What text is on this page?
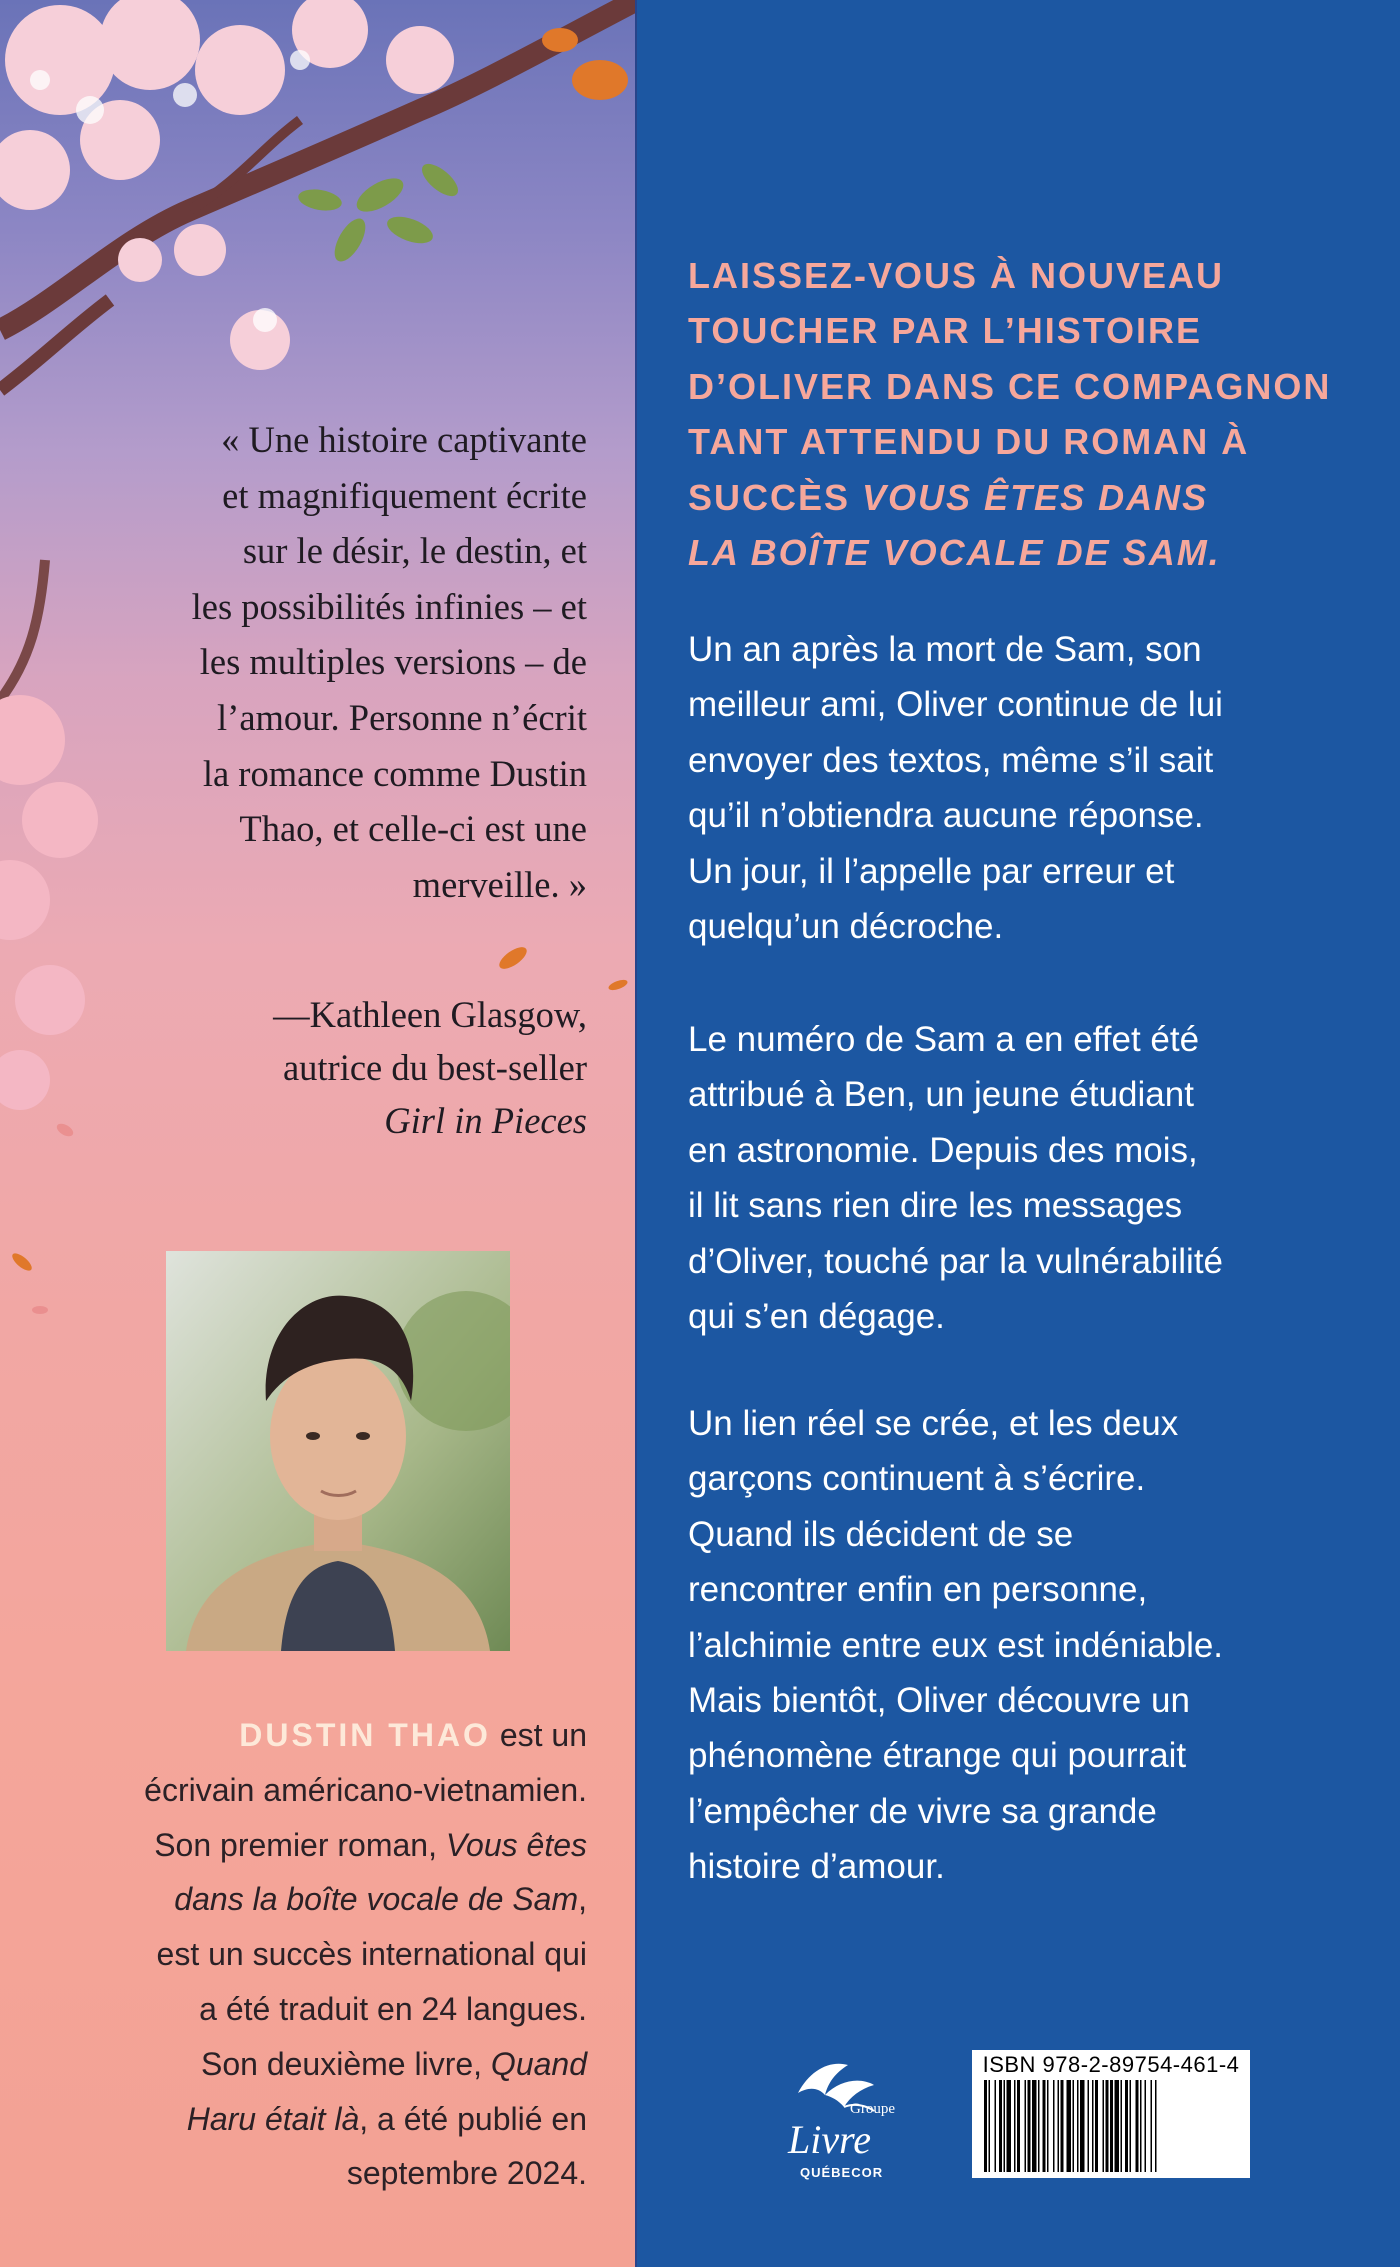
« Une histoire captivante
et magnifiquement écrite
sur le désir, le destin, et
les possibilités infinies – et
les multiples versions – de
l’amour. Personne n’écrit
la romance comme Dustin
Thao, et celle-ci est une
merveille. »
—Kathleen Glasgow,
autrice du best-seller
Girl in Pieces
DUSTIN THAO est un
écrivain américano-vietnamien.
Son premier roman, Vous êtes
dans la boîte vocale de Sam,
est un succès international qui
a été traduit en 24 langues.
Son deuxième livre, Quand
Haru était là, a été publié en
septembre 2024.
LAISSEZ-VOUS À NOUVEAU
TOUCHER PAR L’HISTOIRE
D’OLIVER DANS CE COMPAGNON
TANT ATTENDU DU ROMAN À
SUCCÈS VOUS ÊTES DANS
LA BOÎTE VOCALE DE SAM.
Un an après la mort de Sam, son
meilleur ami, Oliver continue de lui
envoyer des textos, même s’il sait
qu’il n’obtiendra aucune réponse.
Un jour, il l’appelle par erreur et
quelqu’un décroche.
Le numéro de Sam a en effet été
attribué à Ben, un jeune étudiant
en astronomie. Depuis des mois,
il lit sans rien dire les messages
d’Oliver, touché par la vulnérabilité
qui s’en dégage.
Un lien réel se crée, et les deux
garçons continuent à s’écrire.
Quand ils décident de se
rencontrer enfin en personne,
l’alchimie entre eux est indéniable.
Mais bientôt, Oliver découvre un
phénomène étrange qui pourrait
l’empêcher de vivre sa grande
histoire d’amour.
Groupe
Livre
QUÉBECOR
ISBN 978-2-89754-461-4
